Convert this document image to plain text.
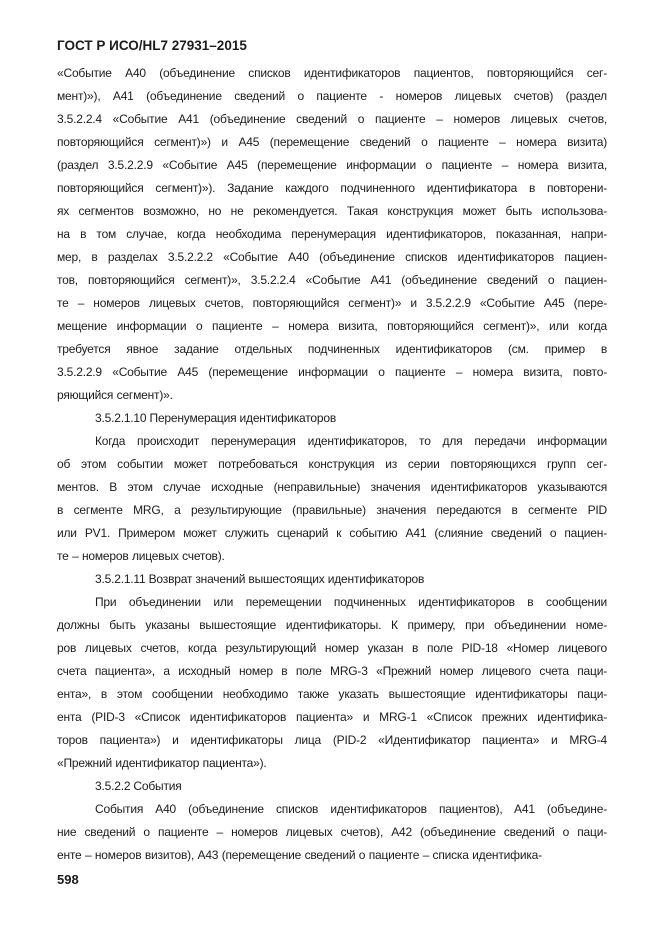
ГОСТ Р ИСО/HL7 27931–2015
«Событие A40 (объединение списков идентификаторов пациентов, повторяющийся сег-
мент)»), A41 (объединение сведений о пациенте - номеров лицевых счетов) (раздел
3.5.2.2.4 «Событие A41 (объединение сведений о пациенте – номеров лицевых счетов,
повторяющийся сегмент)») и A45 (перемещение сведений о пациенте – номера визита)
(раздел 3.5.2.2.9 «Событие A45 (перемещение информации о пациенте – номера визита,
повторяющийся сегмент)»). Задание каждого подчиненного идентификатора в повторени-
ях сегментов возможно, но не рекомендуется. Такая конструкция может быть использова-
на в том случае, когда необходима перенумерация идентификаторов, показанная, напри-
мер, в разделах 3.5.2.2.2 «Событие A40 (объединение списков идентификаторов пациен-
тов, повторяющийся сегмент)», 3.5.2.2.4 «Событие A41 (объединение сведений о пациен-
те – номеров лицевых счетов, повторяющийся сегмент)» и 3.5.2.2.9 «Событие A45 (пере-
мещение информации о пациенте – номера визита, повторяющийся сегмент)», или когда
требуется явное задание отдельных подчиненных идентификаторов (см. пример в
3.5.2.2.9 «Событие A45 (перемещение информации о пациенте – номера визита, повто-
ряющийся сегмент)».
3.5.2.1.10 Перенумерация идентификаторов
Когда происходит перенумерация идентификаторов, то для передачи информации
об этом событии может потребоваться конструкция из серии повторяющихся групп сег-
ментов. В этом случае исходные (неправильные) значения идентификаторов указываются
в сегменте MRG, а результирующие (правильные) значения передаются в сегменте PID
или PV1. Примером может служить сценарий к событию A41 (слияние сведений о пациен-
те – номеров лицевых счетов).
3.5.2.1.11 Возврат значений вышестоящих идентификаторов
При объединении или перемещении подчиненных идентификаторов в сообщении
должны быть указаны вышестоящие идентификаторы. К примеру, при объединении номе-
ров лицевых счетов, когда результирующий номер указан в поле PID-18 «Номер лицевого
счета пациента», а исходный номер в поле MRG-3 «Прежний номер лицевого счета паци-
ента», в этом сообщении необходимо также указать вышестоящие идентификаторы паци-
ента (PID-3 «Список идентификаторов пациента» и MRG-1 «Список прежних идентифика-
торов пациента») и идентификаторы лица (PID-2 «Идентификатор пациента» и MRG-4
«Прежний идентификатор пациента»).
3.5.2.2 События
События A40 (объединение списков идентификаторов пациентов), A41 (объедине-
ние сведений о пациенте – номеров лицевых счетов), A42 (объединение сведений о паци-
енте – номеров визитов), A43 (перемещение сведений о пациенте – списка идентифика-
598
